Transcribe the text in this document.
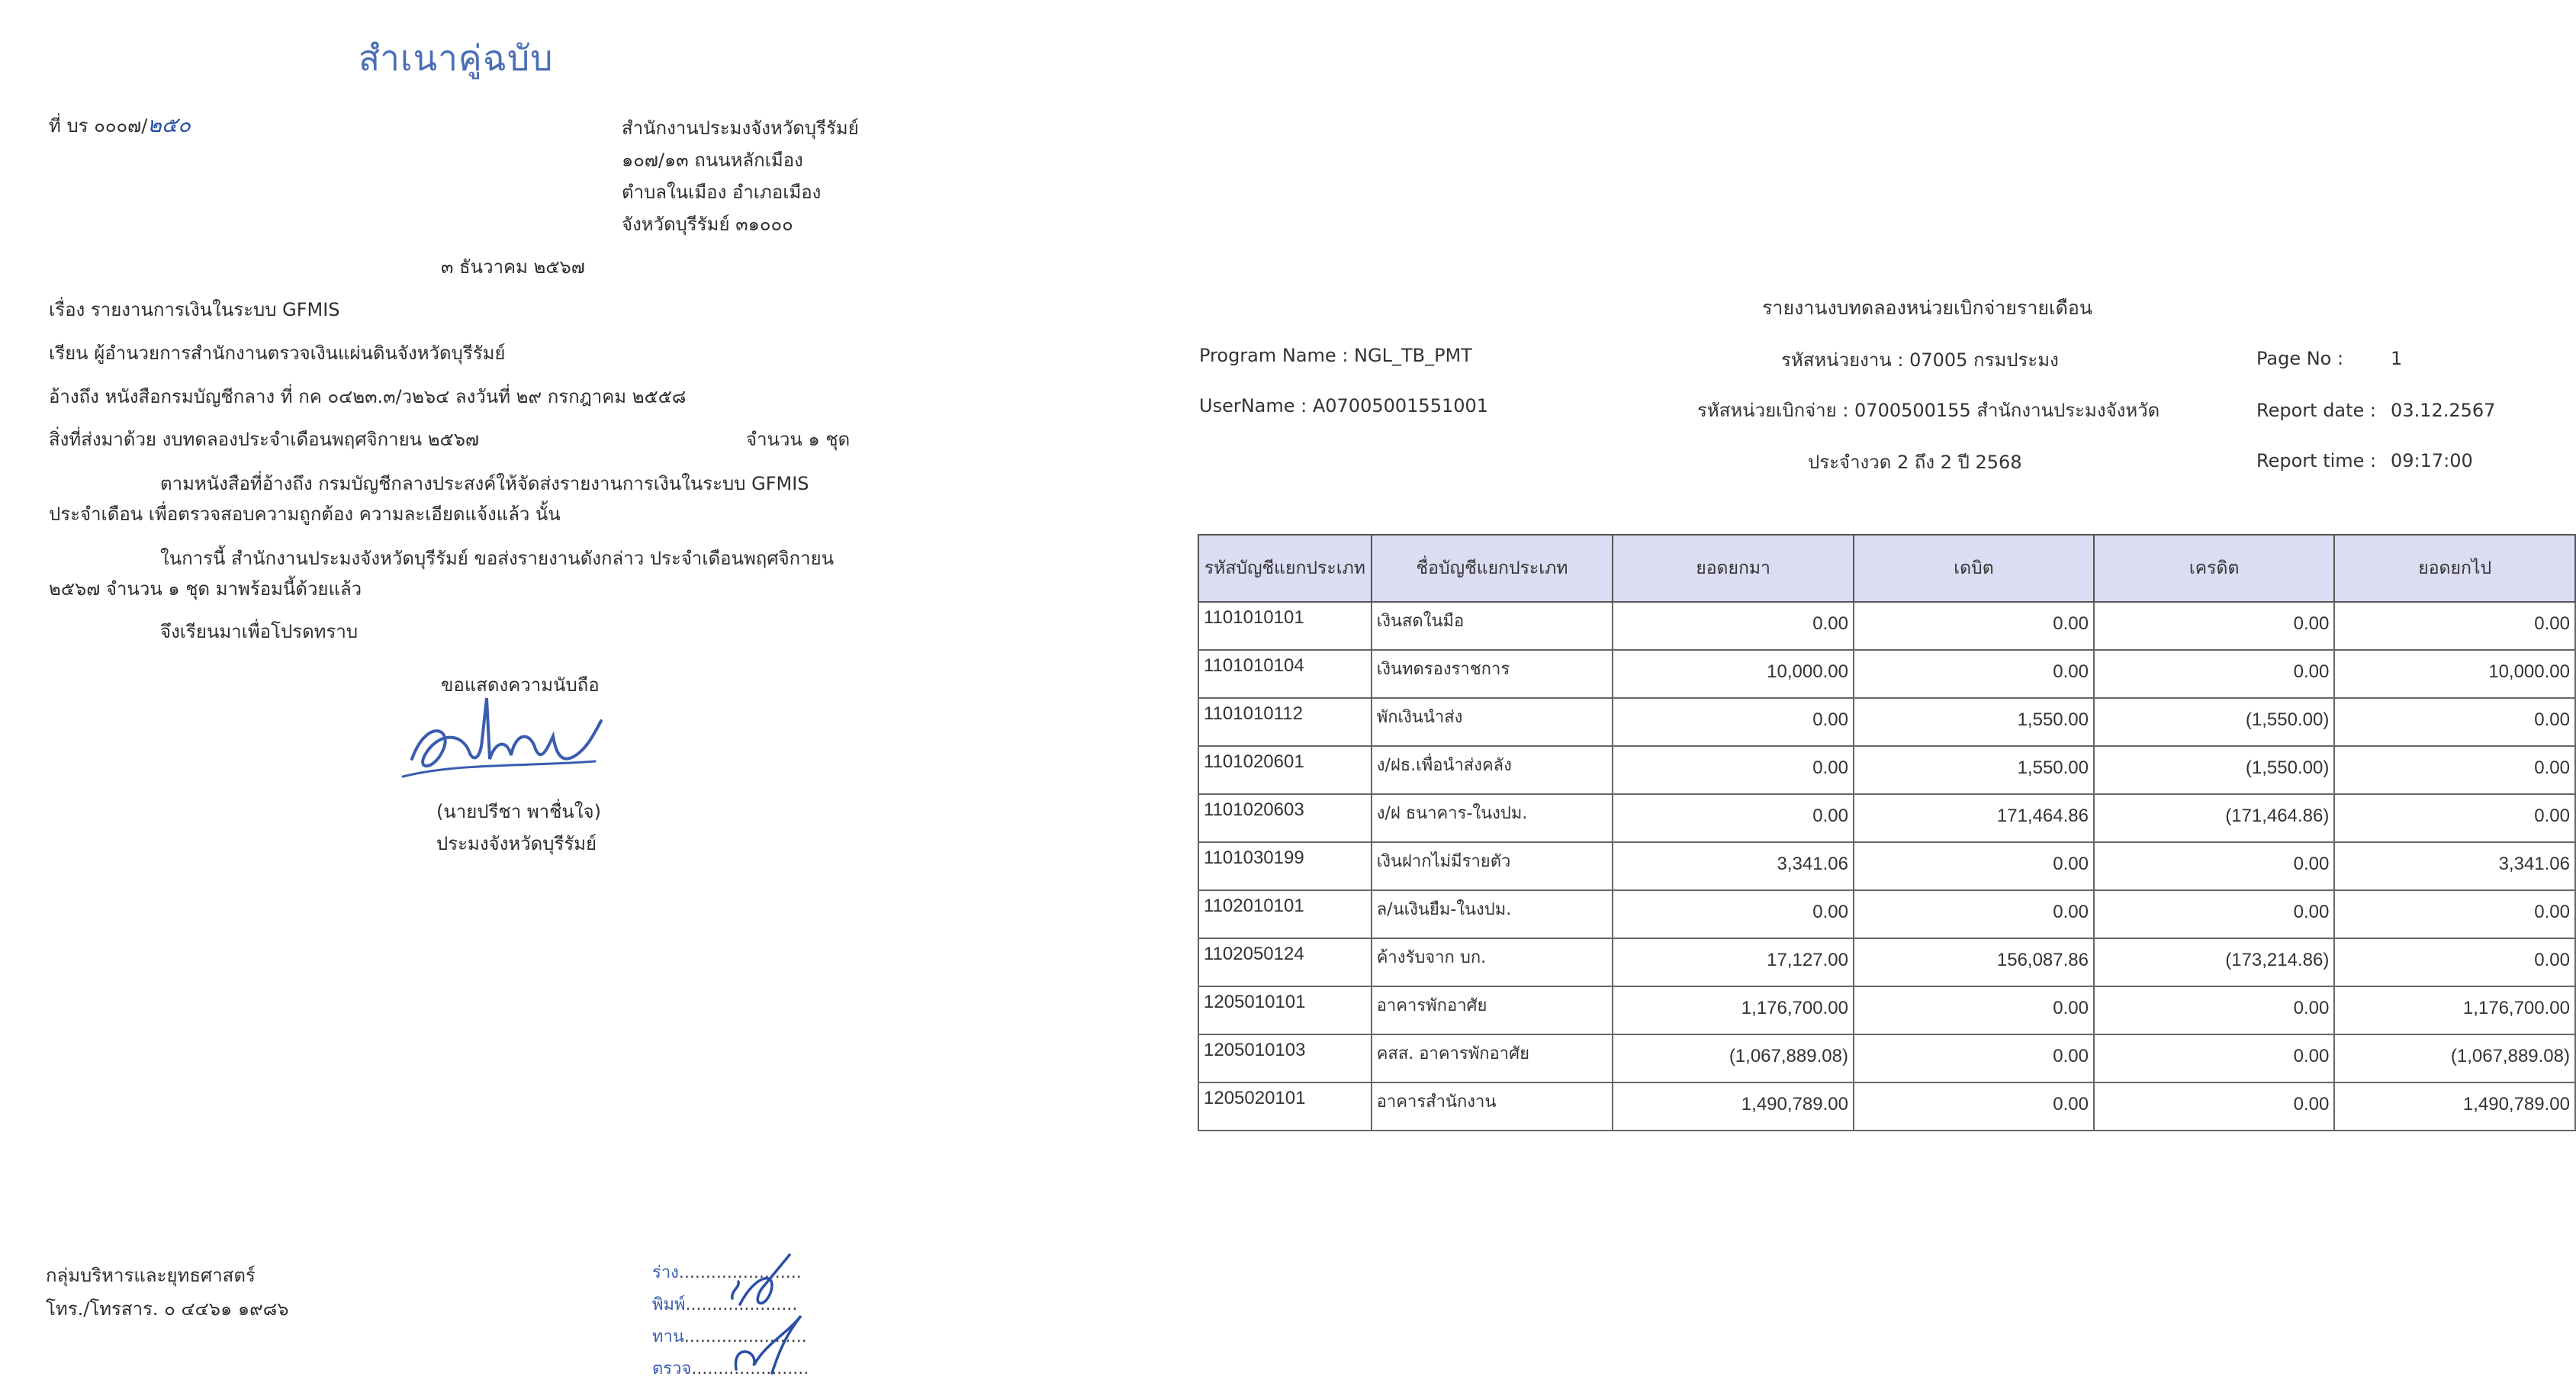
สำเนาคู่ฉบับ
ที่ บร ๐๐๐๗/๒๕๐	สำนักงานประมงจังหวัดบุรีรัมย์
๑๐๗/๑๓ ถนนหลักเมือง
ตำบลในเมือง อำเภอเมือง
จังหวัดบุรีรัมย์ ๓๑๐๐๐
๓ ธันวาคม ๒๕๖๗
เรื่อง รายงานการเงินในระบบ GFMIS
เรียน ผู้อำนวยการสำนักงานตรวจเงินแผ่นดินจังหวัดบุรีรัมย์
อ้างถึง หนังสือกรมบัญชีกลาง ที่ กค ๐๔๒๓.๓/ว๒๖๔ ลงวันที่ ๒๙ กรกฎาคม ๒๕๕๘
สิ่งที่ส่งมาด้วย งบทดลองประจำเดือนพฤศจิกายน ๒๕๖๗	จำนวน ๑ ชุด
ตามหนังสือที่อ้างถึง กรมบัญชีกลางประสงค์ให้จัดส่งรายงานการเงินในระบบ GFMIS
ประจำเดือน เพื่อตรวจสอบความถูกต้อง ความละเอียดแจ้งแล้ว นั้น
ในการนี้ สำนักงานประมงจังหวัดบุรีรัมย์ ขอส่งรายงานดังกล่าว ประจำเดือนพฤศจิกายน
๒๕๖๗ จำนวน ๑ ชุด มาพร้อมนี้ด้วยแล้ว
จึงเรียนมาเพื่อโปรดทราบ
ขอแสดงความนับถือ
(นายปรีชา พาชื่นใจ)
ประมงจังหวัดบุรีรัมย์
กลุ่มบริหารและยุทธศาสตร์
โทร./โทรสาร. ๐ ๔๔๖๑ ๑๙๘๖
ร่าง.......................
พิมพ์.....................
ทาน.......................
ตรวจ......................
รายงานงบทดลองหน่วยเบิกจ่ายรายเดือน
Program Name : NGL_TB_PMT
UserName : A07005001551001
รหัสหน่วยงาน : 07005 กรมประมง
รหัสหน่วยเบิกจ่าย : 0700500155 สำนักงานประมงจังหวัด
ประจำงวด 2 ถึง 2 ปี 2568
Page No :	1
Report date : 03.12.2567
Report time : 09:17:00
รหัสบัญชีแยกประเภท	ชื่อบัญชีแยกประเภท	ยอดยกมา	เดบิต	เครดิต	ยอดยกไป
1101010101	เงินสดในมือ	0.00	0.00	0.00	0.00
1101010104	เงินทดรองราชการ	10,000.00	0.00	0.00	10,000.00
1101010112	พักเงินนำส่ง	0.00	1,550.00	(1,550.00)	0.00
1101020601	ง/ฝธ.เพื่อนำส่งคลัง	0.00	1,550.00	(1,550.00)	0.00
1101020603	ง/ฝ ธนาคาร-ในงปม.	0.00	171,464.86	(171,464.86)	0.00
1101030199	เงินฝากไม่มีรายตัว	3,341.06	0.00	0.00	3,341.06
1102010101	ล/นเงินยืม-ในงปม.	0.00	0.00	0.00	0.00
1102050124	ค้างรับจาก บก.	17,127.00	156,087.86	(173,214.86)	0.00
1205010101	อาคารพักอาศัย	1,176,700.00	0.00	0.00	1,176,700.00
1205010103	คสส. อาคารพักอาศัย	(1,067,889.08)	0.00	0.00	(1,067,889.08)
1205020101	อาคารสำนักงาน	1,490,789.00	0.00	0.00	1,490,789.00
